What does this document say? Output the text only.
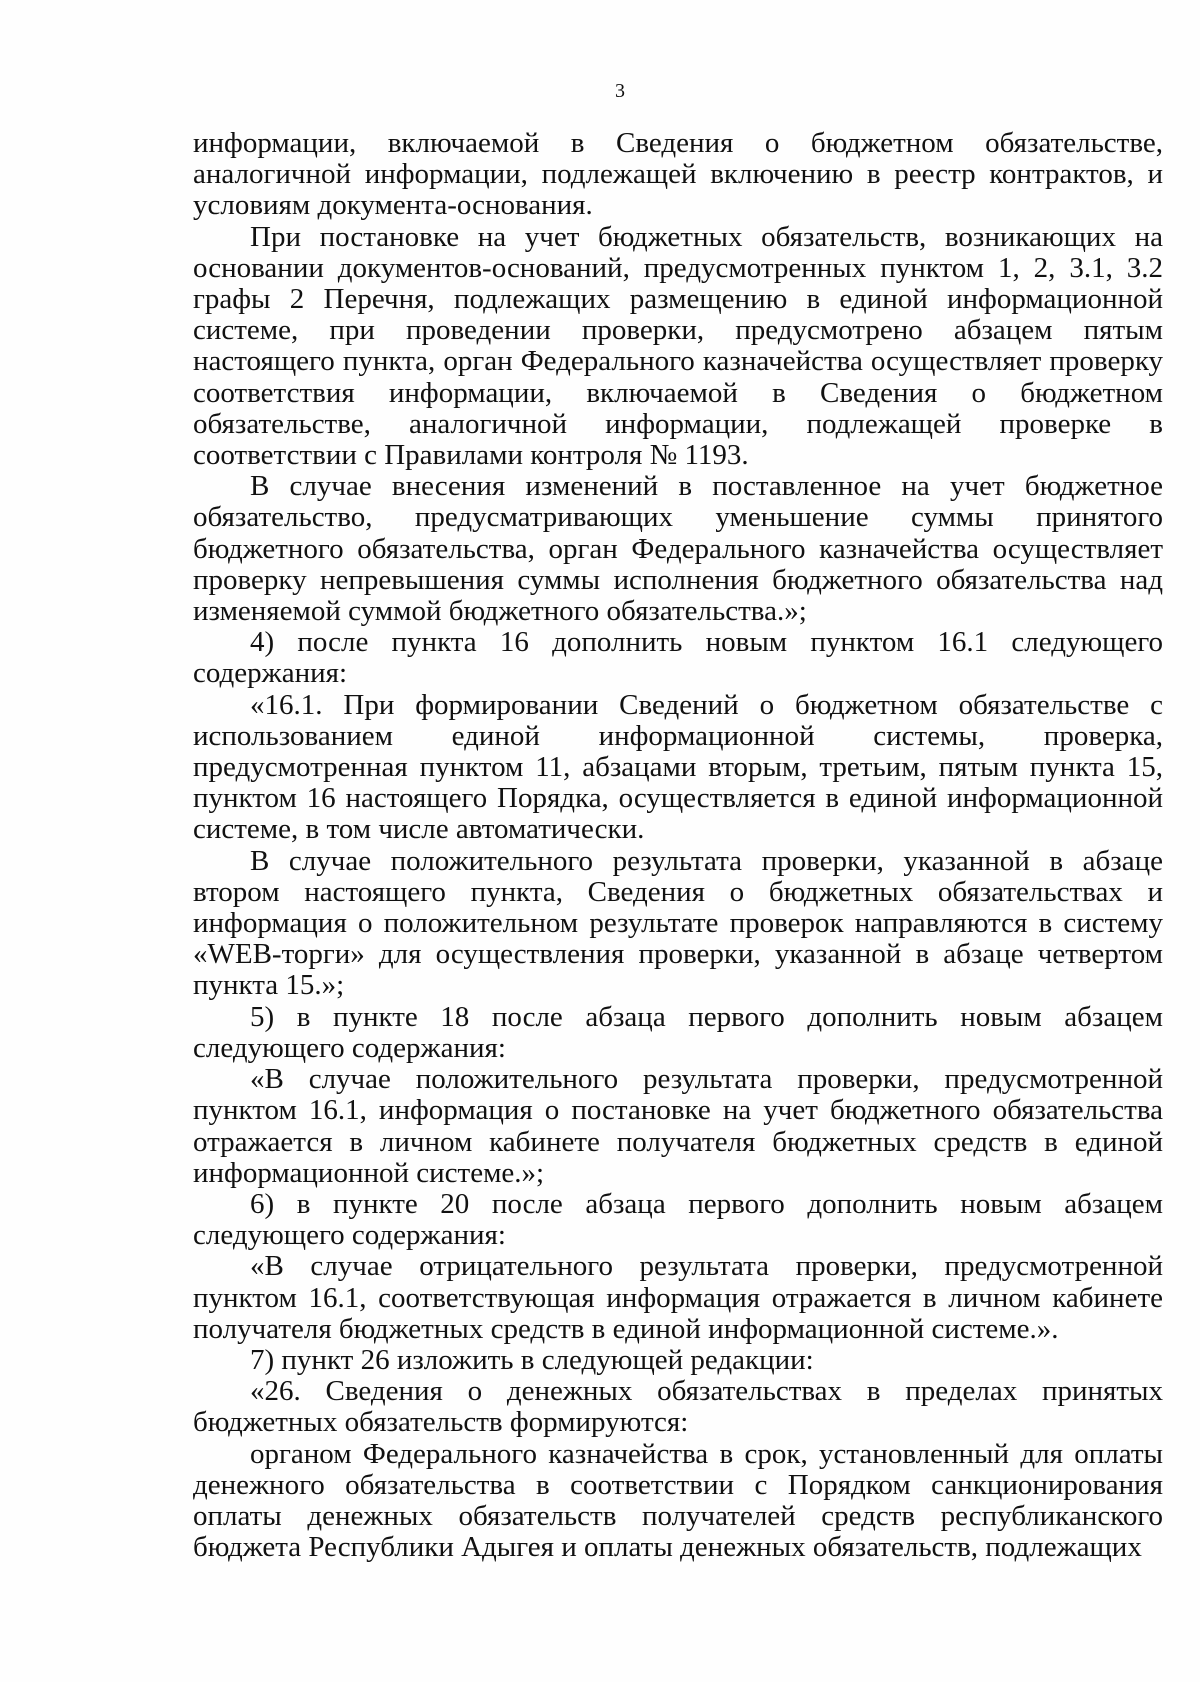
3

информации, включаемой в Сведения о бюджетном обязательстве, аналогичной информации, подлежащей включению в реестр контрактов, и условиям документа-основания.

При постановке на учет бюджетных обязательств, возникающих на основании документов-оснований, предусмотренных пунктом 1, 2, 3.1, 3.2 графы 2 Перечня, подлежащих размещению в единой информационной системе, при проведении проверки, предусмотрено абзацем пятым настоящего пункта, орган Федерального казначейства осуществляет проверку соответствия информации, включаемой в Сведения о бюджетном обязательстве, аналогичной информации, подлежащей проверке в соответствии с Правилами контроля № 1193.

В случае внесения изменений в поставленное на учет бюджетное обязательство, предусматривающих уменьшение суммы принятого бюджетного обязательства, орган Федерального казначейства осуществляет проверку непревышения суммы исполнения бюджетного обязательства над изменяемой суммой бюджетного обязательства.»;

4) после пункта 16 дополнить новым пунктом 16.1 следующего содержания:

«16.1. При формировании Сведений о бюджетном обязательстве с использованием единой информационной системы, проверка, предусмотренная пунктом 11, абзацами вторым, третьим, пятым пункта 15, пунктом 16 настоящего Порядка, осуществляется в единой информационной системе, в том числе автоматически.

В случае положительного результата проверки, указанной в абзаце втором настоящего пункта, Сведения о бюджетных обязательствах и информация о положительном результате проверок направляются в систему «WEB-торги» для осуществления проверки, указанной в абзаце четвертом пункта 15.»;

5) в пункте 18 после абзаца первого дополнить новым абзацем следующего содержания:

«В случае положительного результата проверки, предусмотренной пунктом 16.1, информация о постановке на учет бюджетного обязательства отражается в личном кабинете получателя бюджетных средств в единой информационной системе.»;

6) в пункте 20 после абзаца первого дополнить новым абзацем следующего содержания:

«В случае отрицательного результата проверки, предусмотренной пунктом 16.1, соответствующая информация отражается в личном кабинете получателя бюджетных средств в единой информационной системе.».

7) пункт 26 изложить в следующей редакции:

«26. Сведения о денежных обязательствах в пределах принятых бюджетных обязательств формируются:

органом Федерального казначейства в срок, установленный для оплаты денежного обязательства в соответствии с Порядком санкционирования оплаты денежных обязательств получателей средств республиканского бюджета Республики Адыгея и оплаты денежных обязательств, подлежащих
